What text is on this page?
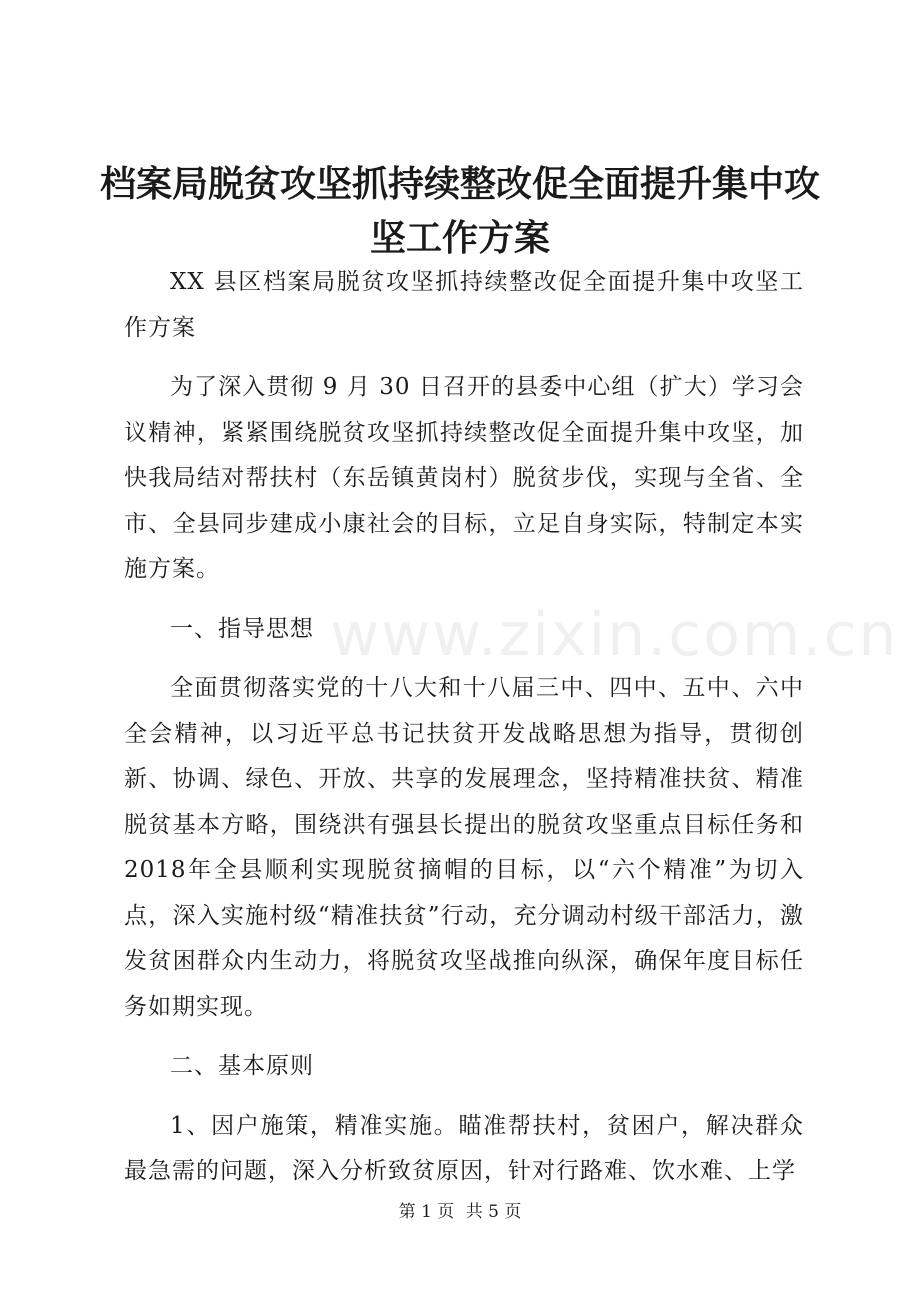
档案局脱贫攻坚抓持续整改促全面提升集中攻坚工作方案
www.zixin.com.cn

XX 县区档案局脱贫攻坚抓持续整改促全面提升集中攻坚工作方案

为了深入贯彻 9 月 30 日召开的县委中心组（扩大）学习会议精神，紧紧围绕脱贫攻坚抓持续整改促全面提升集中攻坚，加快我局结对帮扶村（东岳镇黄岗村）脱贫步伐，实现与全省、全市、全县同步建成小康社会的目标，立足自身实际，特制定本实施方案。

一、指导思想

全面贯彻落实党的十八大和十八届三中、四中、五中、六中全会精神，以习近平总书记扶贫开发战略思想为指导，贯彻创新、协调、绿色、开放、共享的发展理念，坚持精准扶贫、精准脱贫基本方略，围绕洪有强县长提出的脱贫攻坚重点目标任务和2018年全县顺利实现脱贫摘帽的目标，以“六个精准”为切入点，深入实施村级“精准扶贫”行动，充分调动村级干部活力，激发贫困群众内生动力，将脱贫攻坚战推向纵深，确保年度目标任务如期实现。

二、基本原则

1、因户施策，精准实施。瞄准帮扶村，贫困户，解决群众最急需的问题，深入分析致贫原因，针对行路难、饮水难、上学

第 1 页 共 5 页
